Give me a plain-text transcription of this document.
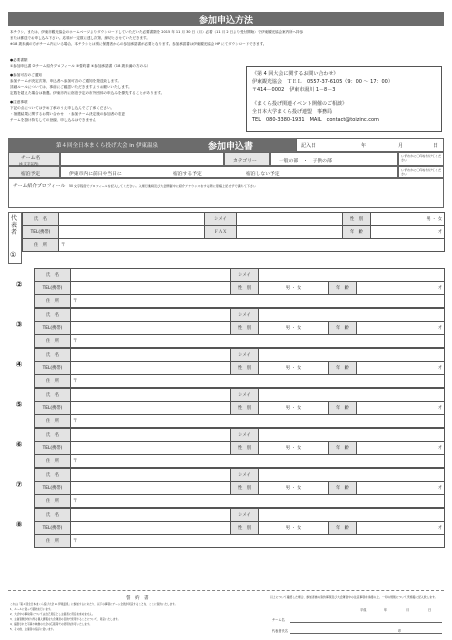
参加申込方法
本チラシ、または、伊東市観光協会のホームページよりダウンロードしていただいた必要書類を 2015 年 11 月 30 日（月）必着（11 月 2 日より受付開始）で伊東観光協会案内所へ持参
または郵送でお申し込み下さい。応募が一定数に達し次第、締切とさせていただきます。
※18 歳未満の方がチーム内にいる場合、本チラシとは別に保護者からの参加承諾書が必要となります。参加承諾書は伊東観光協会 HP にてダウンロードできます。
●必要書類
①参加申込書 ②チーム紹介プロフィール ③誓約書 ④参加承諾書（18 歳未満の方のみ）
●参加可否のご通知
参加チームが決定次第、申込者へ参加可否のご通知を発送致します。
詳細ルールについては、事前にご確認いただきますようお願いいたします。
定数を超えた場合は抽選。伊東市内に宿泊予定の市外団体の申込みを優先することがあります。
●注意事項
下記の点については予め了承のうえ申し込んでご了承ください。
・抽選結果に関するお問い合わせ　・参加チーム決定後の参加者の変更
チームを掛け持ちしての登録、申し込みはできません
《第 4 回大会に関するお問い合わせ》
伊東観光協会　ＴＥＬ　0557-37-6105（9：00 ～ 17：00）
〒414－0002　伊東市湯川 1－8－3
《まくら投げ関連イベント開催のご相談》
全日本大学まくら投げ連盟　事務局
TEL　080-3380-1931　MAIL　contact@toizinc.com
第４回全日本まくら投げ大会 in 伊東温泉	参加申込書	記入日	年	月	日
チーム名
(6 文字以内)	カテゴリー	一般の部　・　子供の部
いずれかに〇印を付けてください
宿泊予定	伊東市内に前日や当日に	宿泊する予定	宿泊しない予定
いずれかに〇印を付けてください
チーム紹介プロフィール 50 文字程度でプロフィールを記入してください。入場行進時及び大会開催中に紹介アナウンスをする際に原稿上記せずで満ちて下さい
代表者
①
氏　名		シメイ		性　別	男 ・ 女
TEL(携帯)		ＦＡＸ		年　齢	才
住　所	〒				
②
氏　名		シメイ			
TEL(携帯)		性　別	男 ・ 女	年　齢	才
住　所	〒				
③
氏　名		シメイ			
TEL(携帯)		性　別	男 ・ 女	年　齢	才
住　所	〒				
④
氏　名		シメイ			
TEL(携帯)		性　別	男 ・ 女	年　齢	才
住　所	〒				
⑤
氏　名		シメイ			
TEL(携帯)		性　別	男 ・ 女	年　齢	才
住　所	〒				
⑥
氏　名		シメイ			
TEL(携帯)		性　別	男 ・ 女	年　齢	才
住　所	〒				
⑦
氏　名		シメイ			
TEL(携帯)		性　別	男 ・ 女	年　齢	才
住　所	〒				
⑧
氏　名		シメイ			
TEL(携帯)		性　別	男 ・ 女	年　齢	才
住　所	〒				
誓　約　書
これは「第４回全日本まくら投げ大会 in 伊東温泉」に参加するにあたり、以下の事項にチーム全員が同意することを、ここに誓約いたします。
1．ルールに従って競技を行います。
2．大会中の事故等については自己責任とし主催者に責任を求めません。
3．主催者側が知り得る個人情報を大会運営の目的で使用することについて、同意いたします。
4．撮影された写真や映像の大会の広報等での使用を許可いたします。
5．その他、主催者の指示に従います。
以上について確認した場合、参加者様の誓約事項及び大会運営中の注意事項を承諾の上、一切の規則について実施後に記入致します。
平成	年	月	日
チーム名
代表者氏名	印
